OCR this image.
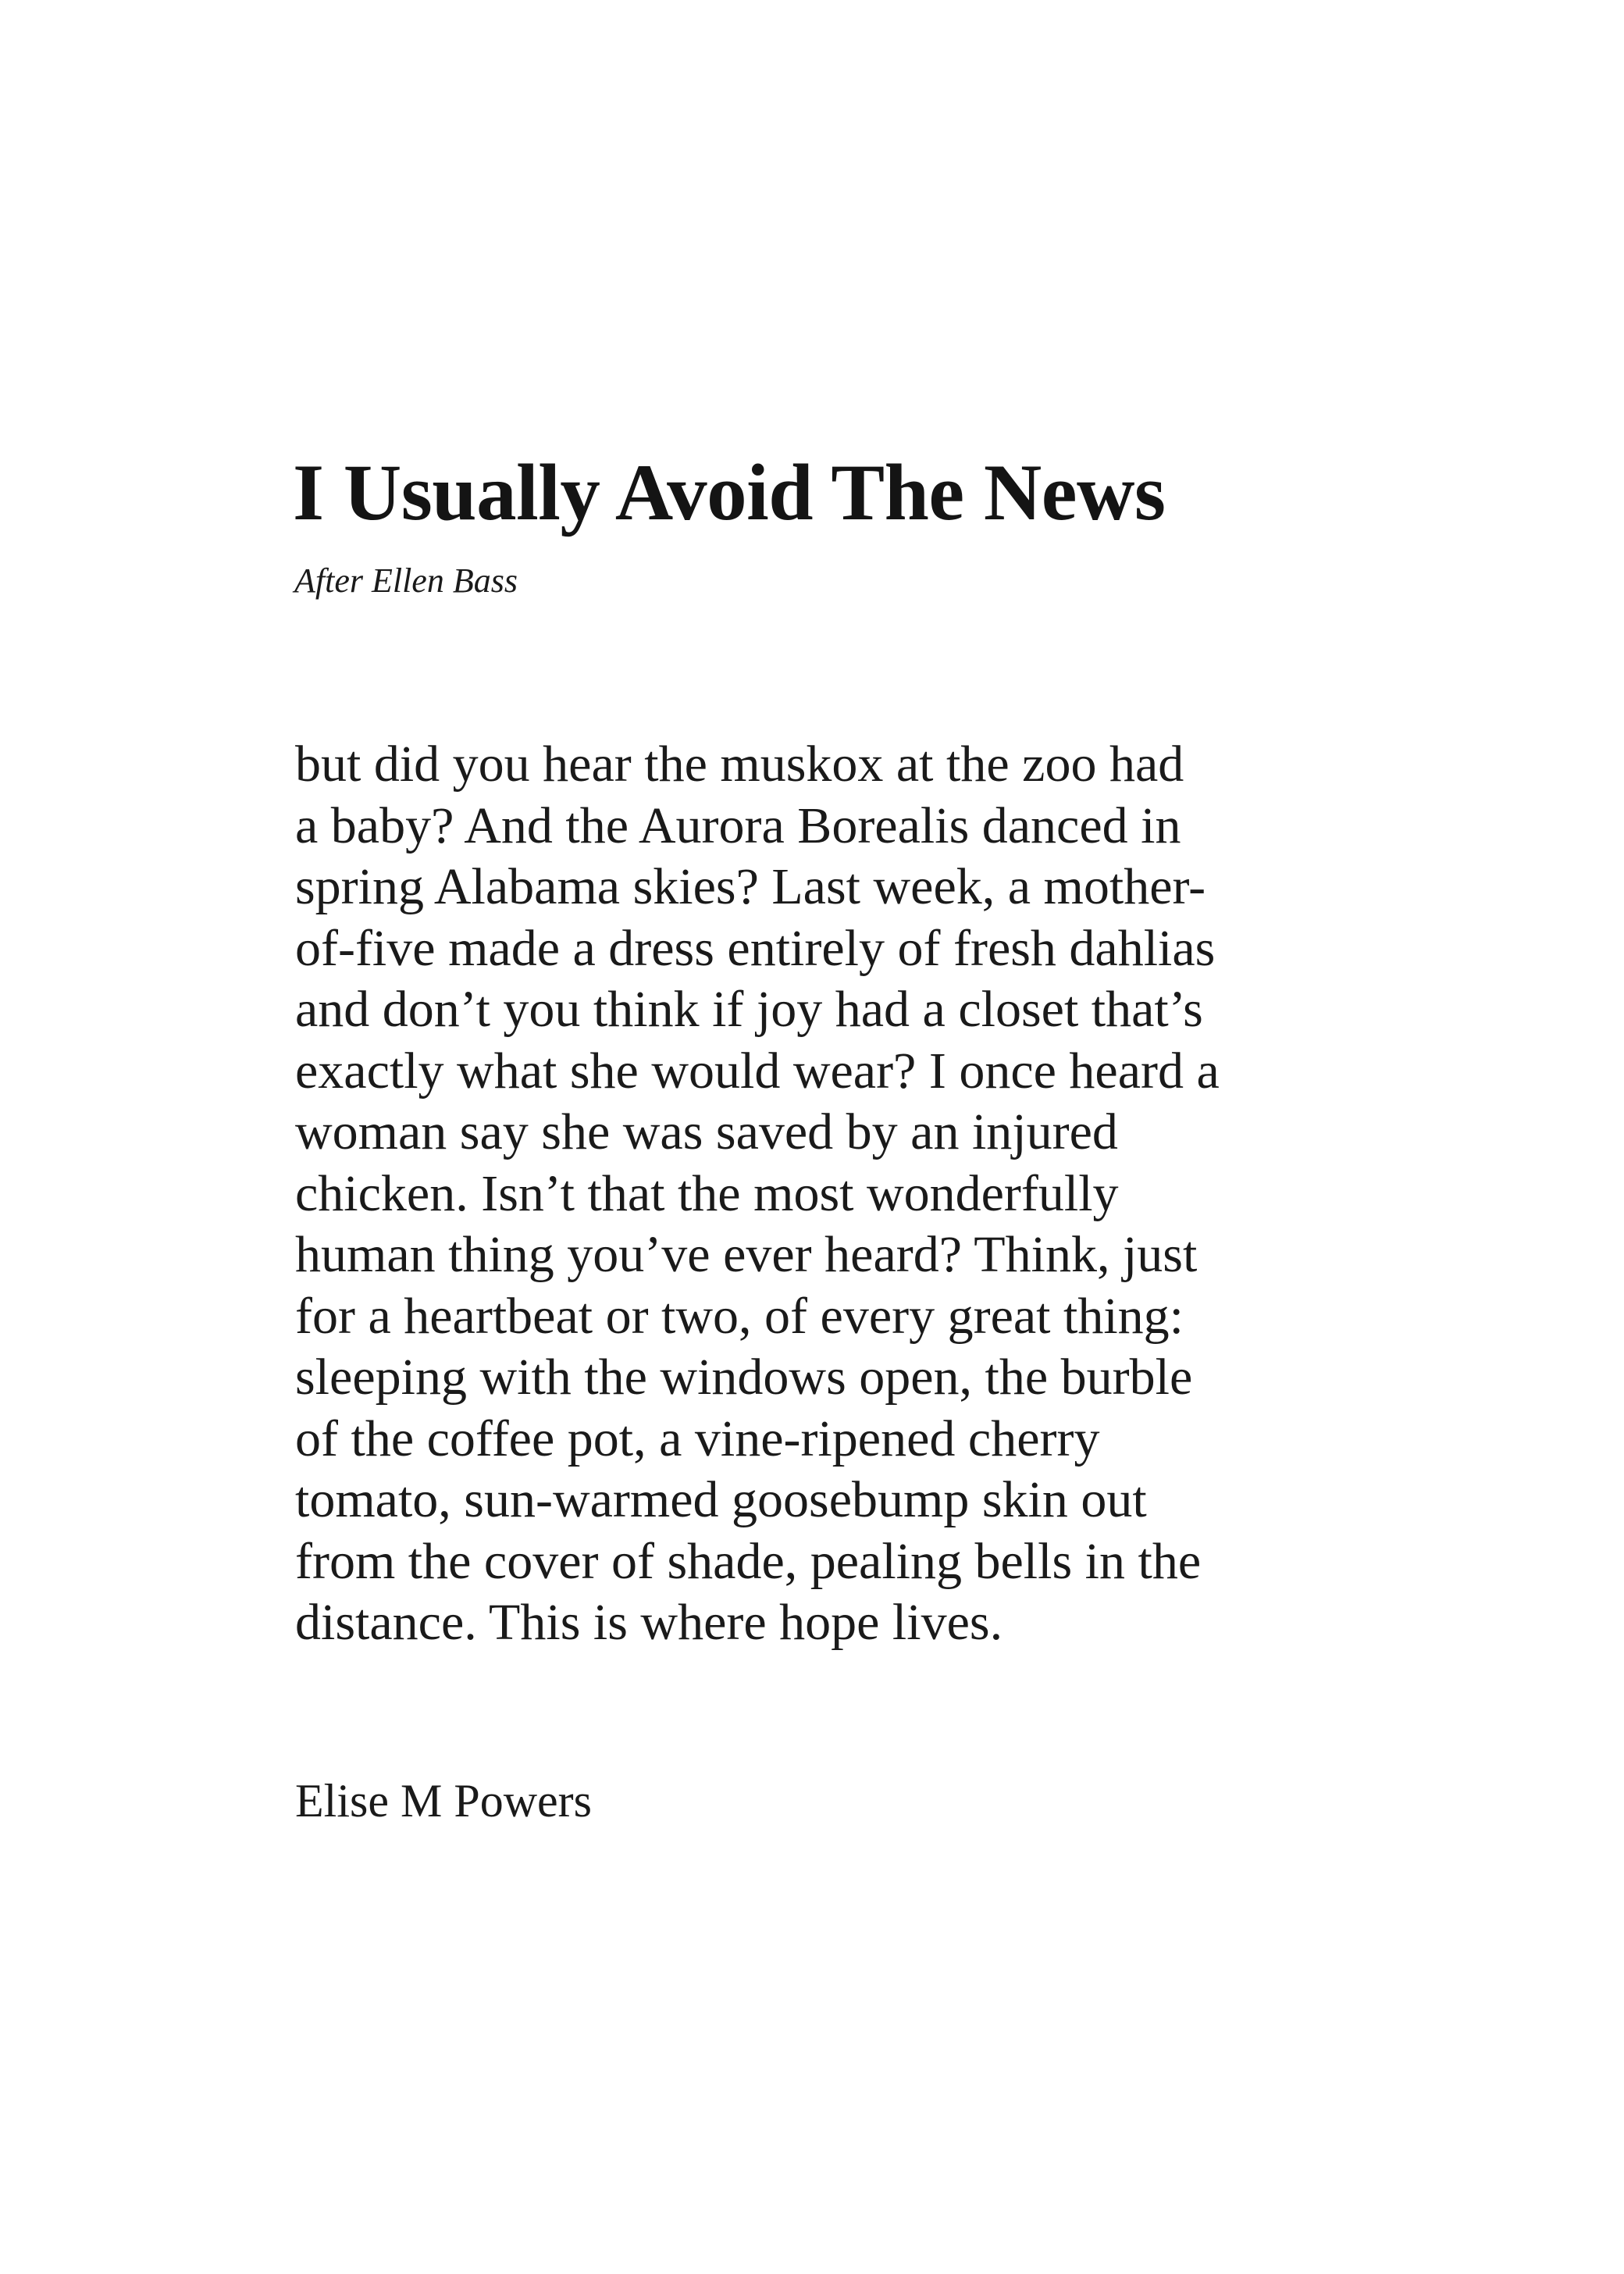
I Usually Avoid The News

After Ellen Bass

but did you hear the muskox at the zoo had
a baby? And the Aurora Borealis danced in
spring Alabama skies? Last week, a mother-
of-five made a dress entirely of fresh dahlias
and don’t you think if joy had a closet that’s
exactly what she would wear? I once heard a
woman say she was saved by an injured
chicken. Isn’t that the most wonderfully
human thing you’ve ever heard? Think, just
for a heartbeat or two, of every great thing:
sleeping with the windows open, the burble
of the coffee pot, a vine-ripened cherry
tomato, sun-warmed goosebump skin out
from the cover of shade, pealing bells in the
distance. This is where hope lives.

Elise M Powers
